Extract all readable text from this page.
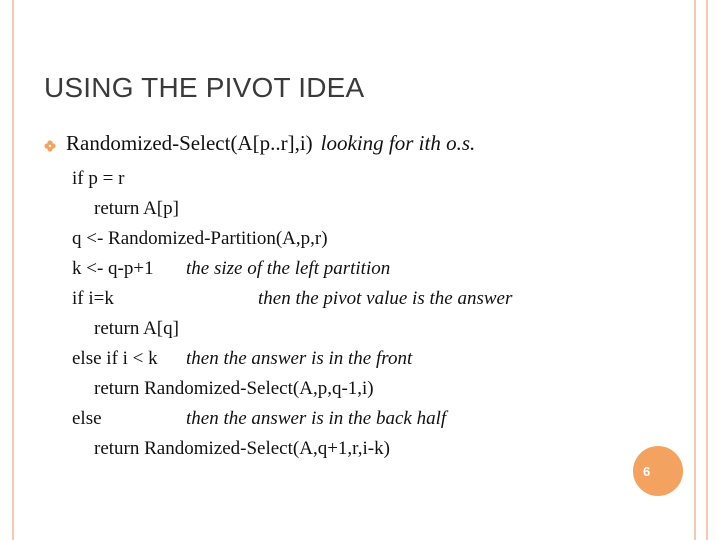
USING THE PIVOT IDEA
Randomized-Select(A[p..r],i) looking for ith o.s.
if p = r
return A[p]
q <- Randomized-Partition(A,p,r)
k <- q-p+1 the size of the left partition
if i=k	then the pivot value is the answer
return A[q]
else if i < k then the answer is in the front
return Randomized-Select(A,p,q-1,i)
else	then the answer is in the back half
return Randomized-Select(A,q+1,r,i-k)
6
